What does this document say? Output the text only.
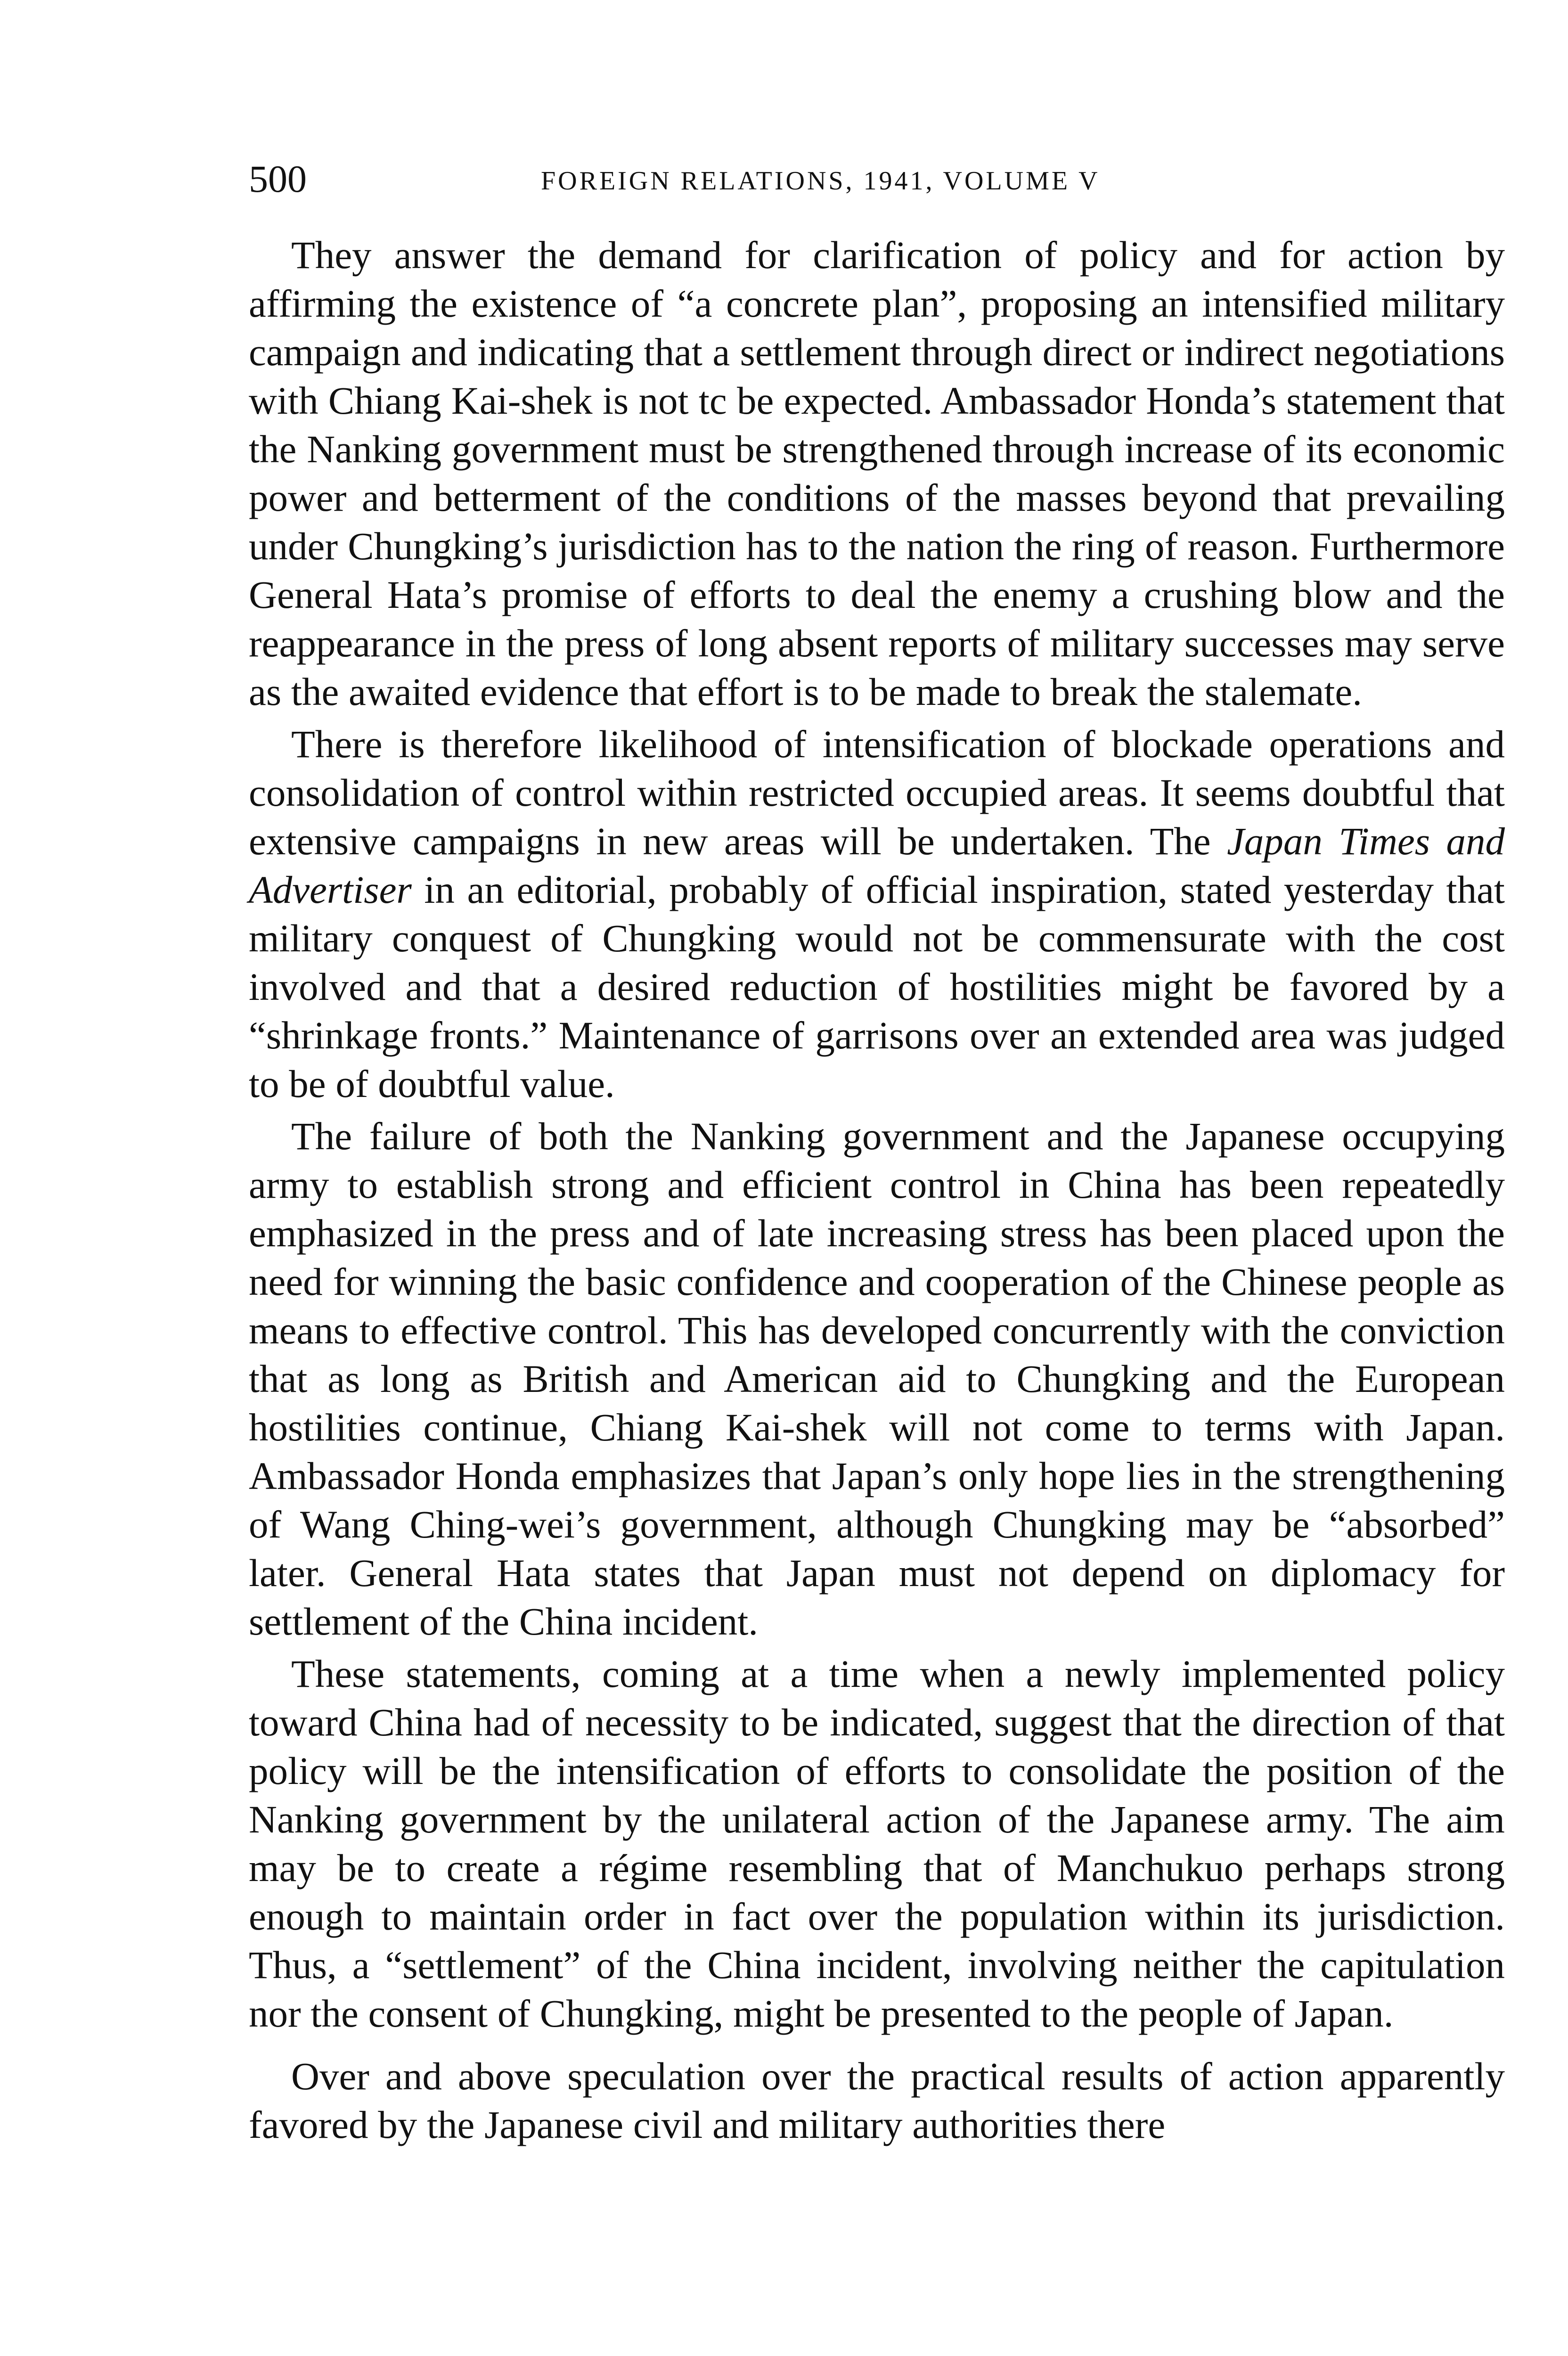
500	FOREIGN RELATIONS, 1941, VOLUME V

They answer the demand for clarification of policy and for action by affirming the existence of “a concrete plan”, proposing an intensified military campaign and indicating that a settlement through direct or indirect negotiations with Chiang Kai-shek is not tc be expected. Ambassador Honda’s statement that the Nanking government must be strengthened through increase of its economic power and betterment of the conditions of the masses beyond that prevailing under Chungking’s jurisdiction has to the nation the ring of reason. Furthermore General Hata’s promise of efforts to deal the enemy a crushing blow and the reappearance in the press of long absent reports of military successes may serve as the awaited evidence that effort is to be made to break the stalemate.

There is therefore likelihood of intensification of blockade operations and consolidation of control within restricted occupied areas. It seems doubtful that extensive campaigns in new areas will be undertaken. The Japan Times and Advertiser in an editorial, probably of official inspiration, stated yesterday that military conquest of Chungking would not be commensurate with the cost involved and that a desired reduction of hostilities might be favored by a “shrinkage fronts.” Maintenance of garrisons over an extended area was judged to be of doubtful value.

The failure of both the Nanking government and the Japanese occupying army to establish strong and efficient control in China has been repeatedly emphasized in the press and of late increasing stress has been placed upon the need for winning the basic confidence and cooperation of the Chinese people as means to effective control. This has developed concurrently with the conviction that as long as British and American aid to Chungking and the European hostilities continue, Chiang Kai-shek will not come to terms with Japan. Ambassador Honda emphasizes that Japan’s only hope lies in the strengthening of Wang Ching-wei’s government, although Chungking may be “absorbed” later. General Hata states that Japan must not depend on diplomacy for settlement of the China incident.

These statements, coming at a time when a newly implemented policy toward China had of necessity to be indicated, suggest that the direction of that policy will be the intensification of efforts to consolidate the position of the Nanking government by the unilateral action of the Japanese army. The aim may be to create a régime resembling that of Manchukuo perhaps strong enough to maintain order in fact over the population within its jurisdiction. Thus, a “settlement” of the China incident, involving neither the capitulation nor the consent of Chungking, might be presented to the people of Japan.

Over and above speculation over the practical results of action apparently favored by the Japanese civil and military authorities there
